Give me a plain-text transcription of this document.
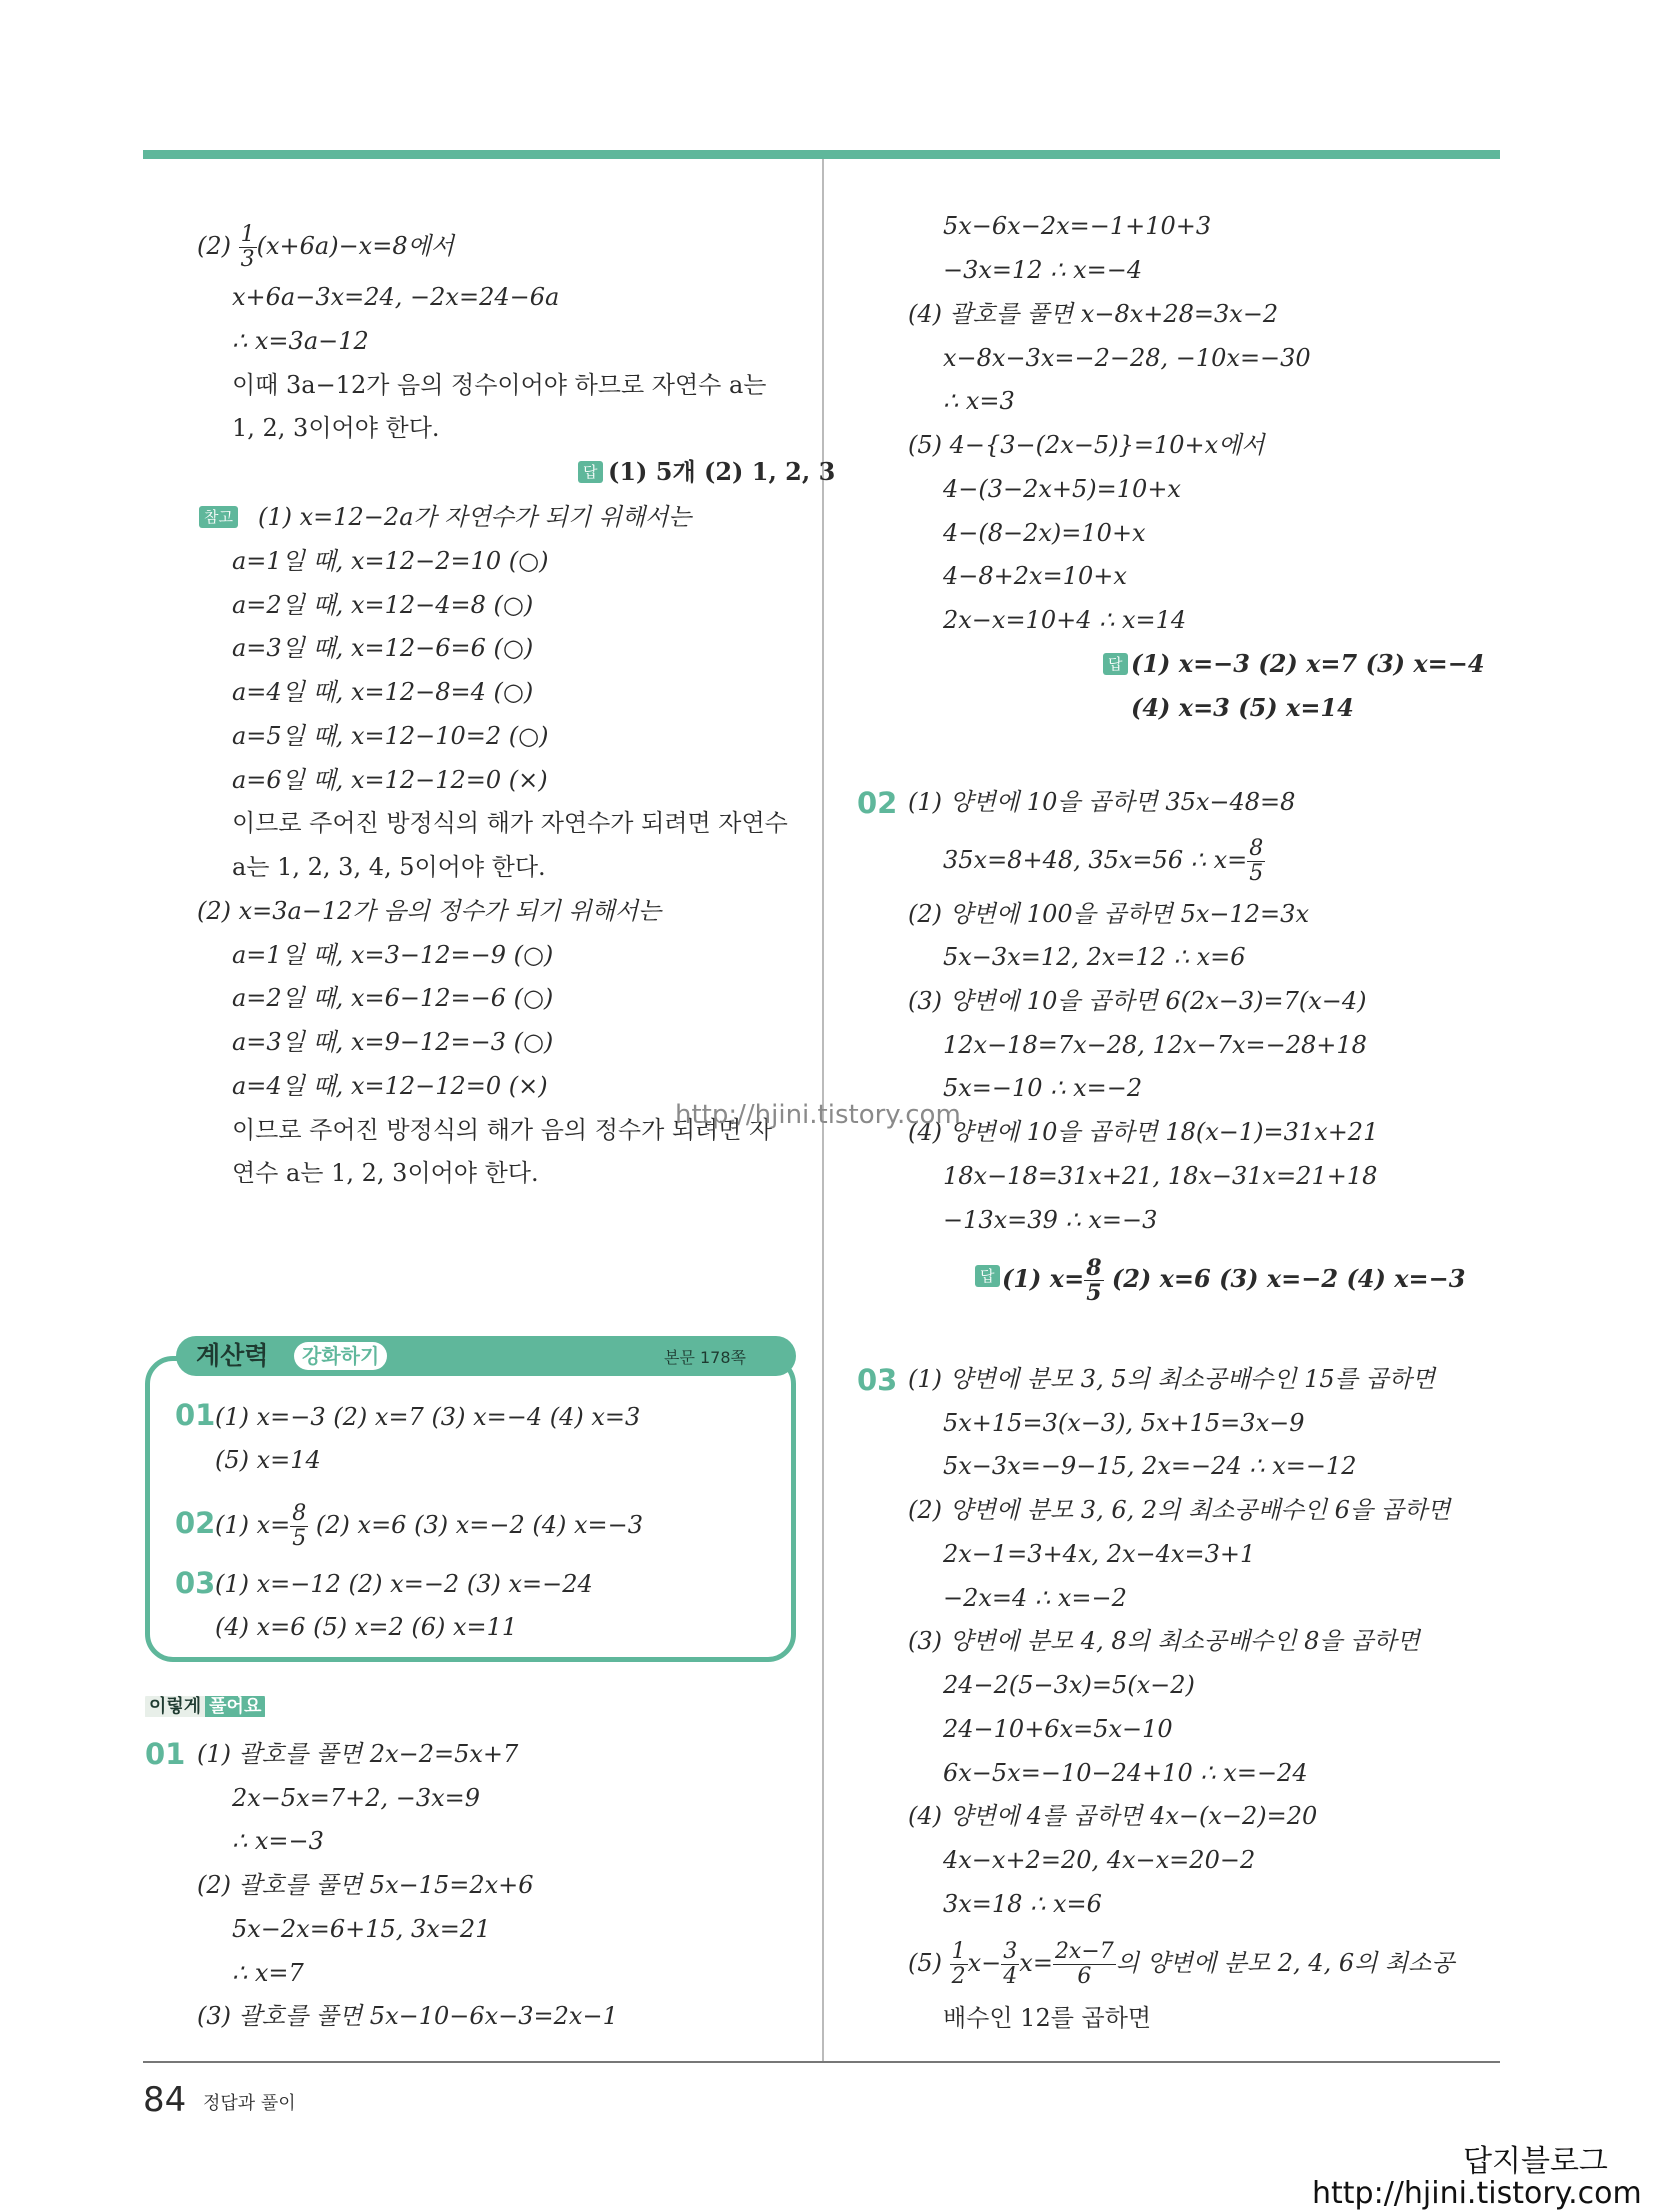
$(2) \frac{1}{3} (x+6a)-x=8$에서
x+6a−3x=24, −2x=24−6a
∴ x=3a−12
이때 3a−12가 음의 정수이어야 하므로 자연수 a는
1, 2, 3이어야 한다.
답 (1) 5개 (2) 1, 2, 3
참고 (1) x=12−2a가 자연수가 되기 위해서는
a=1일 때, x=12−2=10 (○)
a=2일 때, x=12−4=8 (○)
a=3일 때, x=12−6=6 (○)
a=4일 때, x=12−8=4 (○)
a=5일 때, x=12−10=2 (○)
a=6일 때, x=12−12=0 (×)
이므로 주어진 방정식의 해가 자연수가 되려면 자연수
a는 1, 2, 3, 4, 5이어야 한다.
(2) x=3a−12가 음의 정수가 되기 위해서는
a=1일 때, x=3−12=−9 (○)
a=2일 때, x=6−12=−6 (○)
a=3일 때, x=9−12=−3 (○)
a=4일 때, x=12−12=0 (×)
이므로 주어진 방정식의 해가 음의 정수가 되려면 자
연수 a는 1, 2, 3이어야 한다.
계산력	강화하기	본문 178쪽
01 (1) x=−3 (2) x=7 (3) x=−4 (4) x=3
(5) x=14
02 (1) $x= \frac{8}{5} (2)$ x=6 (3) x=−2 (4) x=−3
03 (1) x=−12 (2) x=−2 (3) x=−24
(4) x=6 (5) x=2 (6) x=11
이렇게 풀어요
01 (1) 괄호를 풀면 2x−2=5x+7
2x−5x=7+2, −3x=9
∴ x=−3
(2) 괄호를 풀면 5x−15=2x+6
5x−2x=6+15, 3x=21
∴ x=7
(3) 괄호를 풀면 5x−10−6x−3=2x−1
5x−6x−2x=−1+10+3
−3x=12 ∴ x=−4
(4) 괄호를 풀면 x−8x+28=3x−2
x−8x−3x=−2−28, −10x=−30
∴ x=3
(5) 4−{3−(2x−5)}=10+x에서
4−(3−2x+5)=10+x
4−(8−2x)=10+x
4−8+2x=10+x
2x−x=10+4 ∴ x=14
답 (1) x=−3 (2) x=7 (3) x=−4
(4) x=3 (5) x=14
02 (1) 양변에 10을 곱하면 35x−48=8
35x=8+48, 35x=56 ∴ $x= \frac{8}{5}$
(2) 양변에 100을 곱하면 5x−12=3x
5x−3x=12, 2x=12 ∴ x=6
(3) 양변에 10을 곱하면 6(2x−3)=7(x−4)
12x−18=7x−28, 12x−7x=−28+18
5x=−10 ∴ x=−2
(4) 양변에 10을 곱하면 18(x−1)=31x+21
18x−18=31x+21, 18x−31x=21+18
−13x=39 ∴ x=−3
답 (1) $x= \frac{8}{5} (2)$ x=6 (3) x=−2 (4) x=−3
03 (1) 양변에 분모 3, 5의 최소공배수인 15를 곱하면
5x+15=3(x−3), 5x+15=3x−9
5x−3x=−9−15, 2x=−24 ∴ x=−12
(2) 양변에 분모 3, 6, 2의 최소공배수인 6을 곱하면
2x−1=3+4x, 2x−4x=3+1
−2x=4 ∴ x=−2
(3) 양변에 분모 4, 8의 최소공배수인 8을 곱하면
24−2(5−3x)=5(x−2)
24−10+6x=5x−10
6x−5x=−10−24+10 ∴ x=−24
(4) 양변에 4를 곱하면 4x−(x−2)=20
4x−x+2=20, 4x−x=20−2
3x=18 ∴ x=6
$(5) \frac{1}{2} x- \frac{3}{4} x= \frac{2x-7}{6}$ 의 양변에 분모 2, 4, 6의 최소공
배수인 12를 곱하면
84 정답과 풀이
http://hjini.tistory.com
답지블로그
http://hjini.tistory.com
